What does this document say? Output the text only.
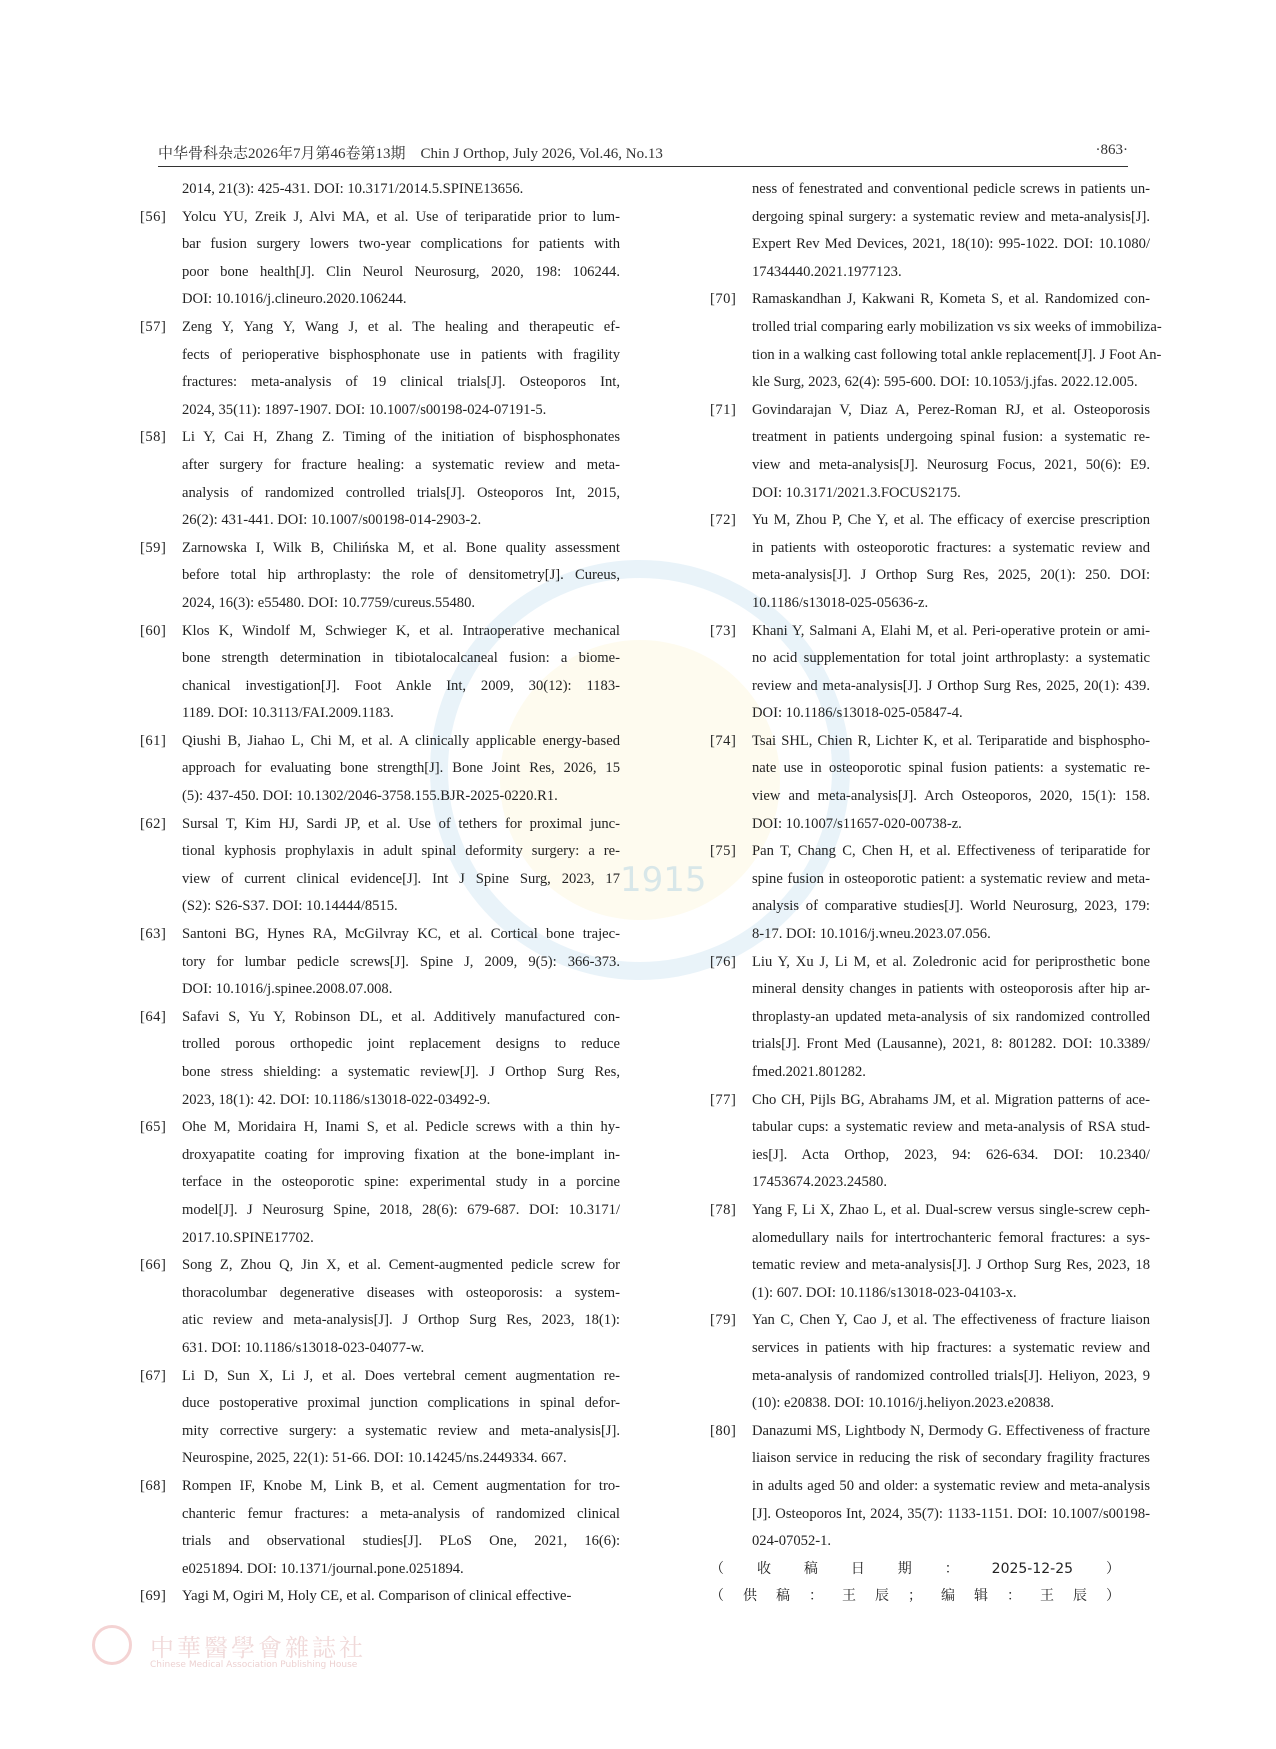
1915
中华骨科杂志2026年7月第46卷第13期　Chin J Orthop, July 2026, Vol.46, No.13	·863·
2014, 21(3): 425-431. DOI: 10.3171/2014.5.SPINE13656.
Yolcu YU, Zreik J, Alvi MA, et al. Use of teriparatide prior to lum-
[56]
bar fusion surgery lowers two-year complications for patients with
poor bone health[J]. Clin Neurol Neurosurg, 2020, 198: 106244.
DOI: 10.1016/j.clineuro.2020.106244.
Zeng Y, Yang Y, Wang J, et al. The healing and therapeutic ef-
[57]
fects of perioperative bisphosphonate use in patients with fragility
fractures: meta-analysis of 19 clinical trials[J]. Osteoporos Int,
2024, 35(11): 1897-1907. DOI: 10.1007/s00198-024-07191-5.
Li Y, Cai H, Zhang Z. Timing of the initiation of bisphosphonates
[58]
after surgery for fracture healing: a systematic review and meta-
analysis of randomized controlled trials[J]. Osteoporos Int, 2015,
26(2): 431-441. DOI: 10.1007/s00198-014-2903-2.
Zarnowska I, Wilk B, Chilińska M, et al. Bone quality assessment
[59]
before total hip arthroplasty: the role of densitometry[J]. Cureus,
2024, 16(3): e55480. DOI: 10.7759/cureus.55480.
Klos K, Windolf M, Schwieger K, et al. Intraoperative mechanical
[60]
bone strength determination in tibiotalocalcaneal fusion: a biome-
chanical investigation[J]. Foot Ankle Int, 2009, 30(12): 1183-
1189. DOI: 10.3113/FAI.2009.1183.
Qiushi B, Jiahao L, Chi M, et al. A clinically applicable energy-based
[61]
approach for evaluating bone strength[J]. Bone Joint Res, 2026, 15
(5): 437-450. DOI: 10.1302/2046-3758.155.BJR-2025-0220.R1.
Sursal T, Kim HJ, Sardi JP, et al. Use of tethers for proximal junc-
[62]
tional kyphosis prophylaxis in adult spinal deformity surgery: a re-
view of current clinical evidence[J]. Int J Spine Surg, 2023, 17
(S2): S26-S37. DOI: 10.14444/8515.
Santoni BG, Hynes RA, McGilvray KC, et al. Cortical bone trajec-
[63]
tory for lumbar pedicle screws[J]. Spine J, 2009, 9(5): 366-373.
DOI: 10.1016/j.spinee.2008.07.008.
Safavi S, Yu Y, Robinson DL, et al. Additively manufactured con-
[64]
trolled porous orthopedic joint replacement designs to reduce
bone stress shielding: a systematic review[J]. J Orthop Surg Res,
2023, 18(1): 42. DOI: 10.1186/s13018-022-03492-9.
Ohe M, Moridaira H, Inami S, et al. Pedicle screws with a thin hy-
[65]
droxyapatite coating for improving fixation at the bone-implant in-
terface in the osteoporotic spine: experimental study in a porcine
model[J]. J Neurosurg Spine, 2018, 28(6): 679-687. DOI: 10.3171/
2017.10.SPINE17702.
Song Z, Zhou Q, Jin X, et al. Cement-augmented pedicle screw for
[66]
thoracolumbar degenerative diseases with osteoporosis: a system-
atic review and meta-analysis[J]. J Orthop Surg Res, 2023, 18(1):
631. DOI: 10.1186/s13018-023-04077-w.
Li D, Sun X, Li J, et al. Does vertebral cement augmentation re-
[67]
duce postoperative proximal junction complications in spinal defor-
mity corrective surgery: a systematic review and meta-analysis[J].
Neurospine, 2025, 22(1): 51-66. DOI: 10.14245/ns.2449334. 667.
Rompen IF, Knobe M, Link B, et al. Cement augmentation for tro-
[68]
chanteric femur fractures: a meta-analysis of randomized clinical
trials and observational studies[J]. PLoS One, 2021, 16(6):
e0251894. DOI: 10.1371/journal.pone.0251894.
Yagi M, Ogiri M, Holy CE, et al. Comparison of clinical effective-
[69]
ness of fenestrated and conventional pedicle screws in patients un-
dergoing spinal surgery: a systematic review and meta-analysis[J].
Expert Rev Med Devices, 2021, 18(10): 995-1022. DOI: 10.1080/
17434440.2021.1977123.
Ramaskandhan J, Kakwani R, Kometa S, et al. Randomized con-
[70]
trolled trial comparing early mobilization vs six weeks of immobiliza-
tion in a walking cast following total ankle replacement[J]. J Foot An-
kle Surg, 2023, 62(4): 595-600. DOI: 10.1053/j.jfas. 2022.12.005.
Govindarajan V, Diaz A, Perez-Roman RJ, et al. Osteoporosis
[71]
treatment in patients undergoing spinal fusion: a systematic re-
view and meta-analysis[J]. Neurosurg Focus, 2021, 50(6): E9.
DOI: 10.3171/2021.3.FOCUS2175.
Yu M, Zhou P, Che Y, et al. The efficacy of exercise prescription
[72]
in patients with osteoporotic fractures: a systematic review and
meta-analysis[J]. J Orthop Surg Res, 2025, 20(1): 250. DOI:
10.1186/s13018-025-05636-z.
Khani Y, Salmani A, Elahi M, et al. Peri-operative protein or ami-
[73]
no acid supplementation for total joint arthroplasty: a systematic
review and meta-analysis[J]. J Orthop Surg Res, 2025, 20(1): 439.
DOI: 10.1186/s13018-025-05847-4.
Tsai SHL, Chien R, Lichter K, et al. Teriparatide and bisphospho-
[74]
nate use in osteoporotic spinal fusion patients: a systematic re-
view and meta-analysis[J]. Arch Osteoporos, 2020, 15(1): 158.
DOI: 10.1007/s11657-020-00738-z.
Pan T, Chang C, Chen H, et al. Effectiveness of teriparatide for
[75]
spine fusion in osteoporotic patient: a systematic review and meta-
analysis of comparative studies[J]. World Neurosurg, 2023, 179:
8-17. DOI: 10.1016/j.wneu.2023.07.056.
Liu Y, Xu J, Li M, et al. Zoledronic acid for periprosthetic bone
[76]
mineral density changes in patients with osteoporosis after hip ar-
throplasty-an updated meta-analysis of six randomized controlled
trials[J]. Front Med (Lausanne), 2021, 8: 801282. DOI: 10.3389/
fmed.2021.801282.
Cho CH, Pijls BG, Abrahams JM, et al. Migration patterns of ace-
[77]
tabular cups: a systematic review and meta-analysis of RSA stud-
ies[J]. Acta Orthop, 2023, 94: 626-634. DOI: 10.2340/
17453674.2023.24580.
Yang F, Li X, Zhao L, et al. Dual-screw versus single-screw ceph-
[78]
alomedullary nails for intertrochanteric femoral fractures: a sys-
tematic review and meta-analysis[J]. J Orthop Surg Res, 2023, 18
(1): 607. DOI: 10.1186/s13018-023-04103-x.
Yan C, Chen Y, Cao J, et al. The effectiveness of fracture liaison
[79]
services in patients with hip fractures: a systematic review and
meta-analysis of randomized controlled trials[J]. Heliyon, 2023, 9
(10): e20838. DOI: 10.1016/j.heliyon.2023.e20838.
Danazumi MS, Lightbody N, Dermody G. Effectiveness of fracture
[80]
liaison service in reducing the risk of secondary fragility fractures
in adults aged 50 and older: a systematic review and meta-analysis
[J]. Osteoporos Int, 2024, 35(7): 1133-1151. DOI: 10.1007/s00198-
024-07052-1.
（收稿日期：2025-12-25）
（供稿：王辰；编辑：王辰）
中華醫學會雜誌社
Chinese Medical Association Publishing House
